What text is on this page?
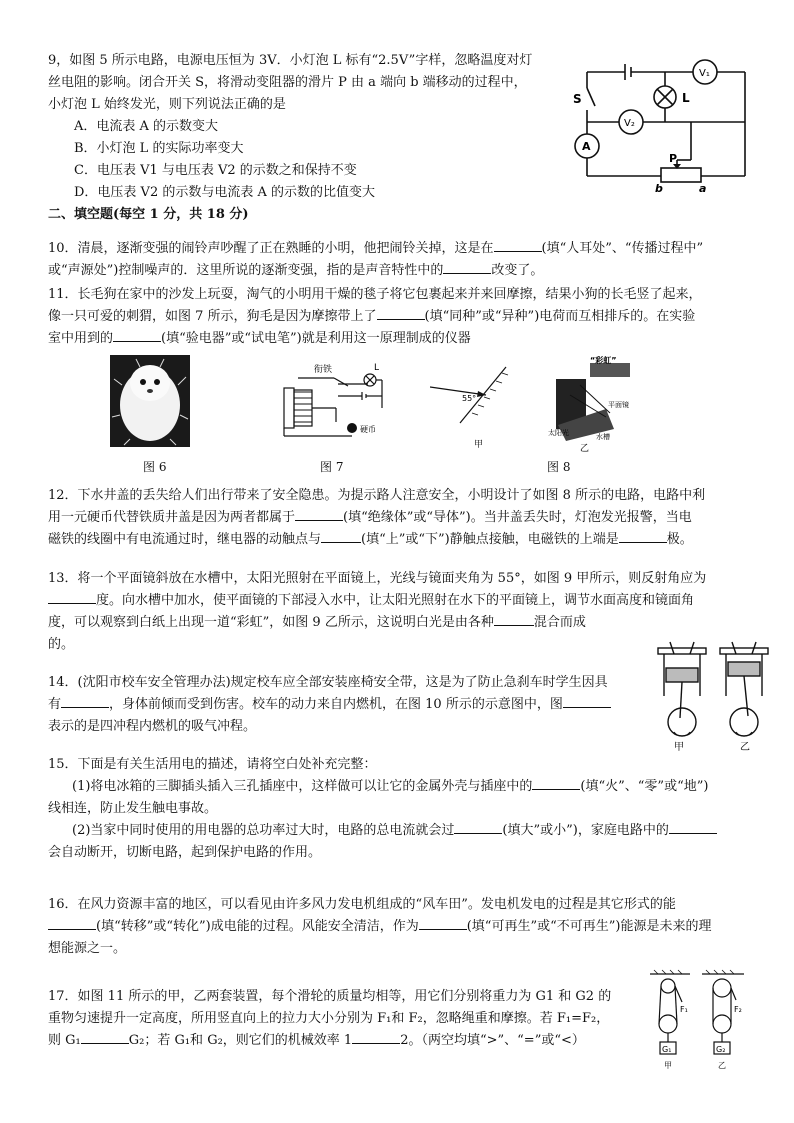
9，如图 5 所示电路，电源电压恒为 3V．小灯泡 L 标有“2.5V”字样，忽略温度对灯
丝电阻的影响。闭合开关 S，将滑动变阻器的滑片 P 由 a 端向 b 端移动的过程中，
小灯泡 L 始终发光，则下列说法正确的是
A．电流表 A 的示数变大
B．小灯泡 L 的实际功率变大
C．电压表 V1 与电压表 V2 的示数之和保持不变
D．电压表 V2 的示数与电流表 A 的示数的比值变大
V₁
L
V₂
A
S
P
b	a
二、填空题(每空 1 分，共 18 分)
10．清晨，逐渐变强的闹铃声吵醒了正在熟睡的小明，他把闹铃关掉，这是在	(填“人耳处”、“传播过程中”
或“声源处”)控制噪声的．这里所说的逐渐变强，指的是声音特性中的	改变了。
11．长毛狗在家中的沙发上玩耍，淘气的小明用干燥的毯子将它包裹起来并来回摩擦，结果小狗的长毛竖了起来，
像一只可爱的刺猬，如图 7 所示，狗毛是因为摩擦带上了	(填“同种”或“异种”)电荷而互相排斥的。在实验
室中用到的	(填“验电器”或“试电笔”)就是利用这一原理制成的仪器
图 6
衔铁
硬币
L
图 7
55°
甲
“彩虹”
平面镜
太阳光	水槽
乙
图 8
12．下水井盖的丢失给人们出行带来了安全隐患。为提示路人注意安全，小明设计了如图 8 所示的电路，电路中利
用一元硬币代替铁质井盖是因为两者都属于	(填“绝缘体”或“导体”)。当井盖丢失时，灯泡发光报警，当电
磁铁的线圈中有电流通过时，继电器的动触点与	(填“上”或“下”)静触点接触，电磁铁的上端是	极。
13．将一个平面镜斜放在水槽中，太阳光照射在平面镜上，光线与镜面夹角为 55°，如图 9 甲所示，则反射角应为
度。向水槽中加水，使平面镜的下部浸入水中，让太阳光照射在水下的平面镜上，调节水面高度和镜面角
度，可以观察到白纸上出现一道“彩虹”，如图 9 乙所示，这说明白光是由各种	混合而成
的。
14．(沈阳市校车安全管理办法)规定校车应全部安装座椅安全带，这是为了防止急刹车时学生因具
有	，身体前倾而受到伤害。校车的动力来自内燃机，在图 10 所示的示意图中，图
表示的是四冲程内燃机的吸气冲程。
甲	乙
15．下面是有关生活用电的描述，请将空白处补充完整：
(1)将电冰箱的三脚插头插入三孔插座中，这样做可以让它的金属外壳与插座中的	(填“火”、“零”或“地”)
线相连，防止发生触电事故。
(2)当家中同时使用的用电器的总功率过大时，电路的总电流就会过	(填大”或小”)，家庭电路中的
会自动断开，切断电路，起到保护电路的作用。
16．在风力资源丰富的地区，可以看见由许多风力发电机组成的“风车田”。发电机发电的过程是其它形式的能
(填“转移”或“转化”)成电能的过程。风能安全清洁，作为	(填“可再生”或“不可再生”)能源是未来的理
想能源之一。
17．如图 11 所示的甲，乙两套装置，每个滑轮的质量均相等，用它们分别将重力为 G1 和 G2 的
重物匀速提升一定高度，所用竖直向上的拉力大小分别为 F₁和 F₂，忽略绳重和摩擦。若 F₁=F₂，
则 G₁	G₂；若 G₁和 G₂，则它们的机械效率 1	2。（两空均填“>”、“=”或“<）
F₁	F₂
G₁	G₂
甲	乙
